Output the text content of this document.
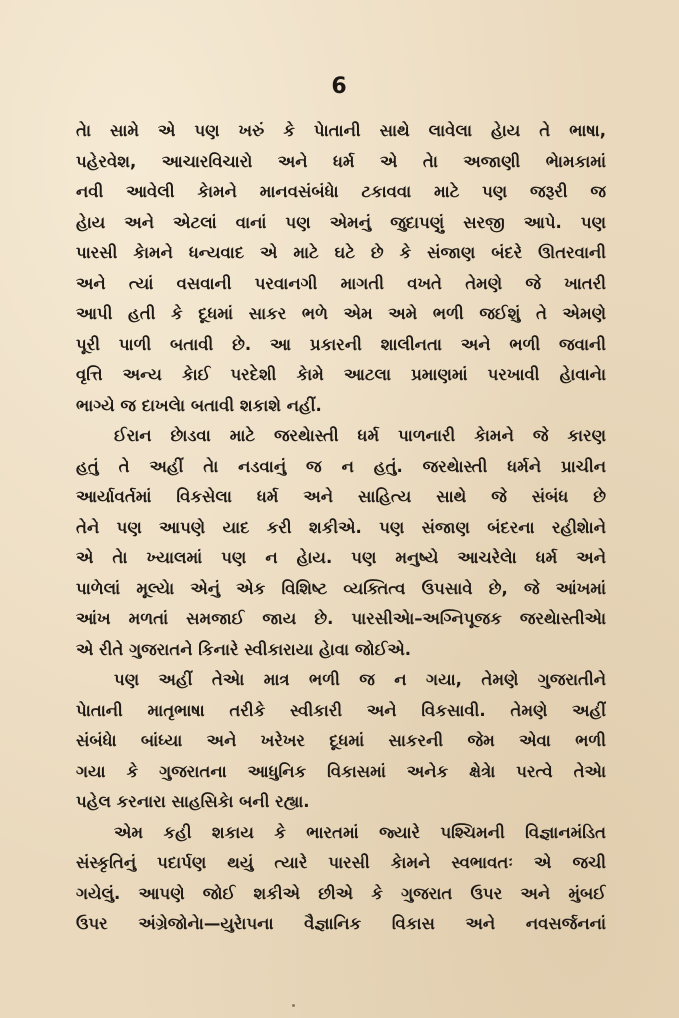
6
તેા સામે એ પણ ખરું કે પેાતાની સાથે લાવેલા હેાય તે ભાષા,
પહેરવેશ, આચારવિચારો અને ધર્મ એ તેા અજાણી ભેામકામાં
નવી આવેલી કેામને માનવસંબંધેા ટકાવવા માટે પણ જરૂરી જ
હેાય અને એટલાં વાનાં પણ એમનું જુદાપણું સરજી આપે. પણ
પારસી કેામને ધન્યવાદ એ માટે ઘટે છે કે સંજાણ બંદરે ઊતરવાની
અને ત્યાં વસવાની પરવાનગી માગતી વખતે તેમણે જે ખાતરી
આપી હતી કે દૂધમાં સાકર ભળે એમ અમે ભળી જઈશું તે એમણે
પૂરી પાળી બતાવી છે. આ પ્રકારની શાલીનતા અને ભળી જવાની
વૃત્તિ અન્ય કેાઈ પરદેશી કેામે આટલા પ્રમાણમાં પરખાવી હેાવાનેા
ભાગ્યે જ દાખલેા બતાવી શકાશે નહીં.
ઈરાન છેાડવા માટે જરથેાસ્તી ધર્મ પાળનારી કેામને જે કારણ
હતું તે અહીં તેા નડવાનું જ ન હતું. જરથેાસ્તી ધર્મને પ્રાચીન
આર્યાવર્તમાં વિકસેલા ધર્મ અને સાહિત્ય સાથે જે સંબંધ છે
તેને પણ આપણે યાદ કરી શકીએ. પણ સંજાણ બંદરના રહીશેાને
એ તેા ખ્યાલમાં પણ ન હેાય. પણ મનુષ્યે આચરેલેા ધર્મ અને
પાળેલાં મૂલ્યેા એનું એક વિશિષ્ટ વ્યક્તિત્વ ઉપસાવે છે, જે આંખમાં
આંખ મળતાં સમજાઈ જાય છે. પારસીએા–અગ્નિપૂજક જરથેાસ્તીએા
એ રીતે ગુજરાતને કિનારે સ્વીકારાયા હેાવા જોઈએ.
પણ અહીં તેએા માત્ર ભળી જ ન ગયા, તેમણે ગુજરાતીને
પેાતાની માતૃભાષા તરીકે સ્વીકારી અને વિકસાવી. તેમણે અહીં
સંબંધેા બાંધ્યા અને ખરેખર દૂધમાં સાકરની જેમ એવા ભળી
ગયા કે ગુજરાતના આધુનિક વિકાસમાં અનેક ક્ષેત્રેા પરત્વે તેએા
પહેલ કરનારા સાહસિકેા બની રહ્યા.
એમ કહી શકાય કે ભારતમાં જ્યારે પશ્ચિમની વિજ્ઞાનમંડિત
સંસ્કૃતિનું પદાર્પણ થયું ત્યારે પારસી કેામને સ્વભાવતઃ એ જચી
ગયેલું. આપણે જોઈ શકીએ છીએ કે ગુજરાત ઉપર અને મુંબઈ
ઉપર અંગ્રેજોનેા—યુરેાપના વૈજ્ઞાનિક વિકાસ અને નવસર્જનનાં
